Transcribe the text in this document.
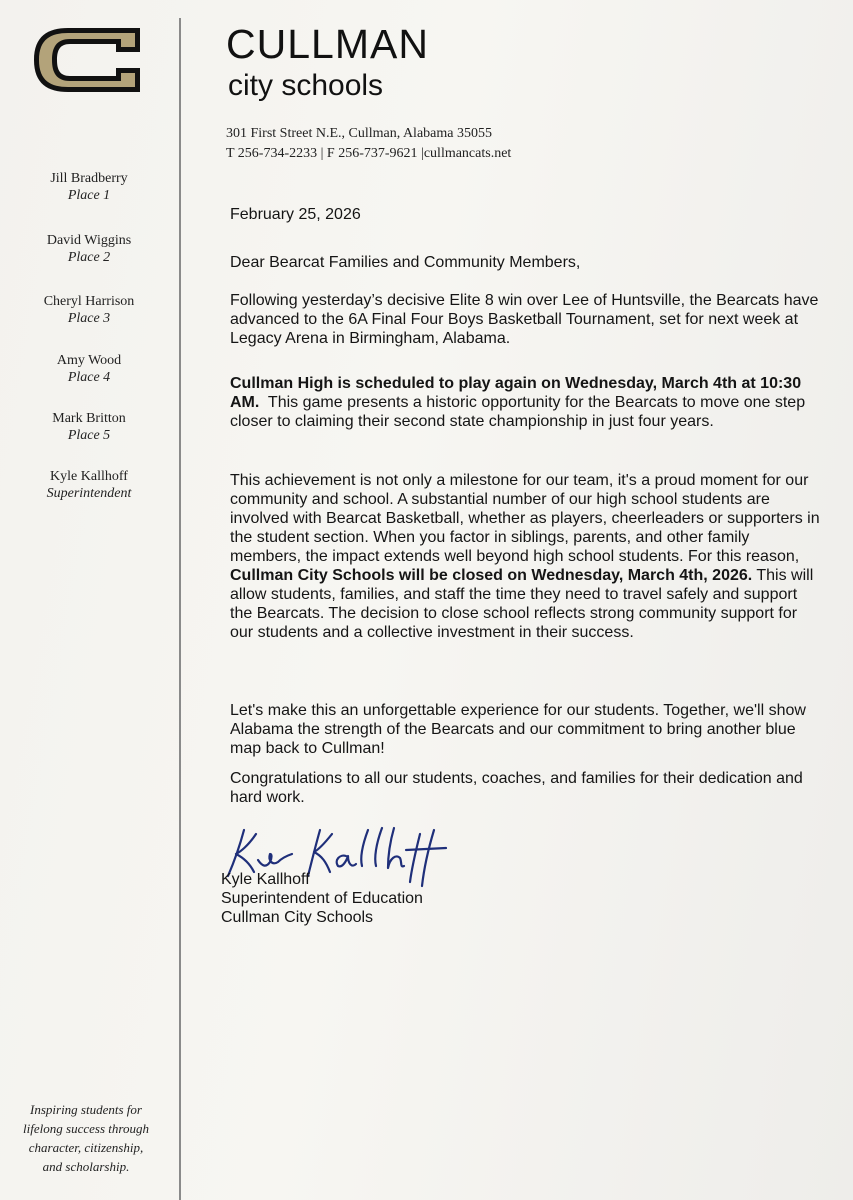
CULLMAN
city schools
301 First Street N.E., Cullman, Alabama 35055
T 256-734-2233 | F 256-737-9621 |cullmancats.net
Jill Bradberry
Place 1
David Wiggins
Place 2
Cheryl Harrison
Place 3
Amy Wood
Place 4
Mark Britton
Place 5
Kyle Kallhoff
Superintendent
Inspiring students for
lifelong success through
character, citizenship,
and scholarship.

February 25, 2026

Dear Bearcat Families and Community Members,

Following yesterday’s decisive Elite 8 win over Lee of Huntsville, the Bearcats have advanced to the 6A Final Four Boys Basketball Tournament, set for next week at Legacy Arena in Birmingham, Alabama.

Cullman High is scheduled to play again on Wednesday, March 4th at 10:30 AM.  This game presents a historic opportunity for the Bearcats to move one step closer to claiming their second state championship in just four years.

This achievement is not only a milestone for our team, it's a proud moment for our community and school. A substantial number of our high school students are involved with Bearcat Basketball, whether as players, cheerleaders or supporters in the student section. When you factor in siblings, parents, and other family members, the impact extends well beyond high school students. For this reason, Cullman City Schools will be closed on Wednesday, March 4th, 2026. This will allow students, families, and staff the time they need to travel safely and support the Bearcats. The decision to close school reflects strong community support for our students and a collective investment in their success.

Let's make this an unforgettable experience for our students. Together, we'll show Alabama the strength of the Bearcats and our commitment to bring another blue map back to Cullman!

Congratulations to all our students, coaches, and families for their dedication and hard work.

Kyle Kallhoff
Superintendent of Education
Cullman City Schools
